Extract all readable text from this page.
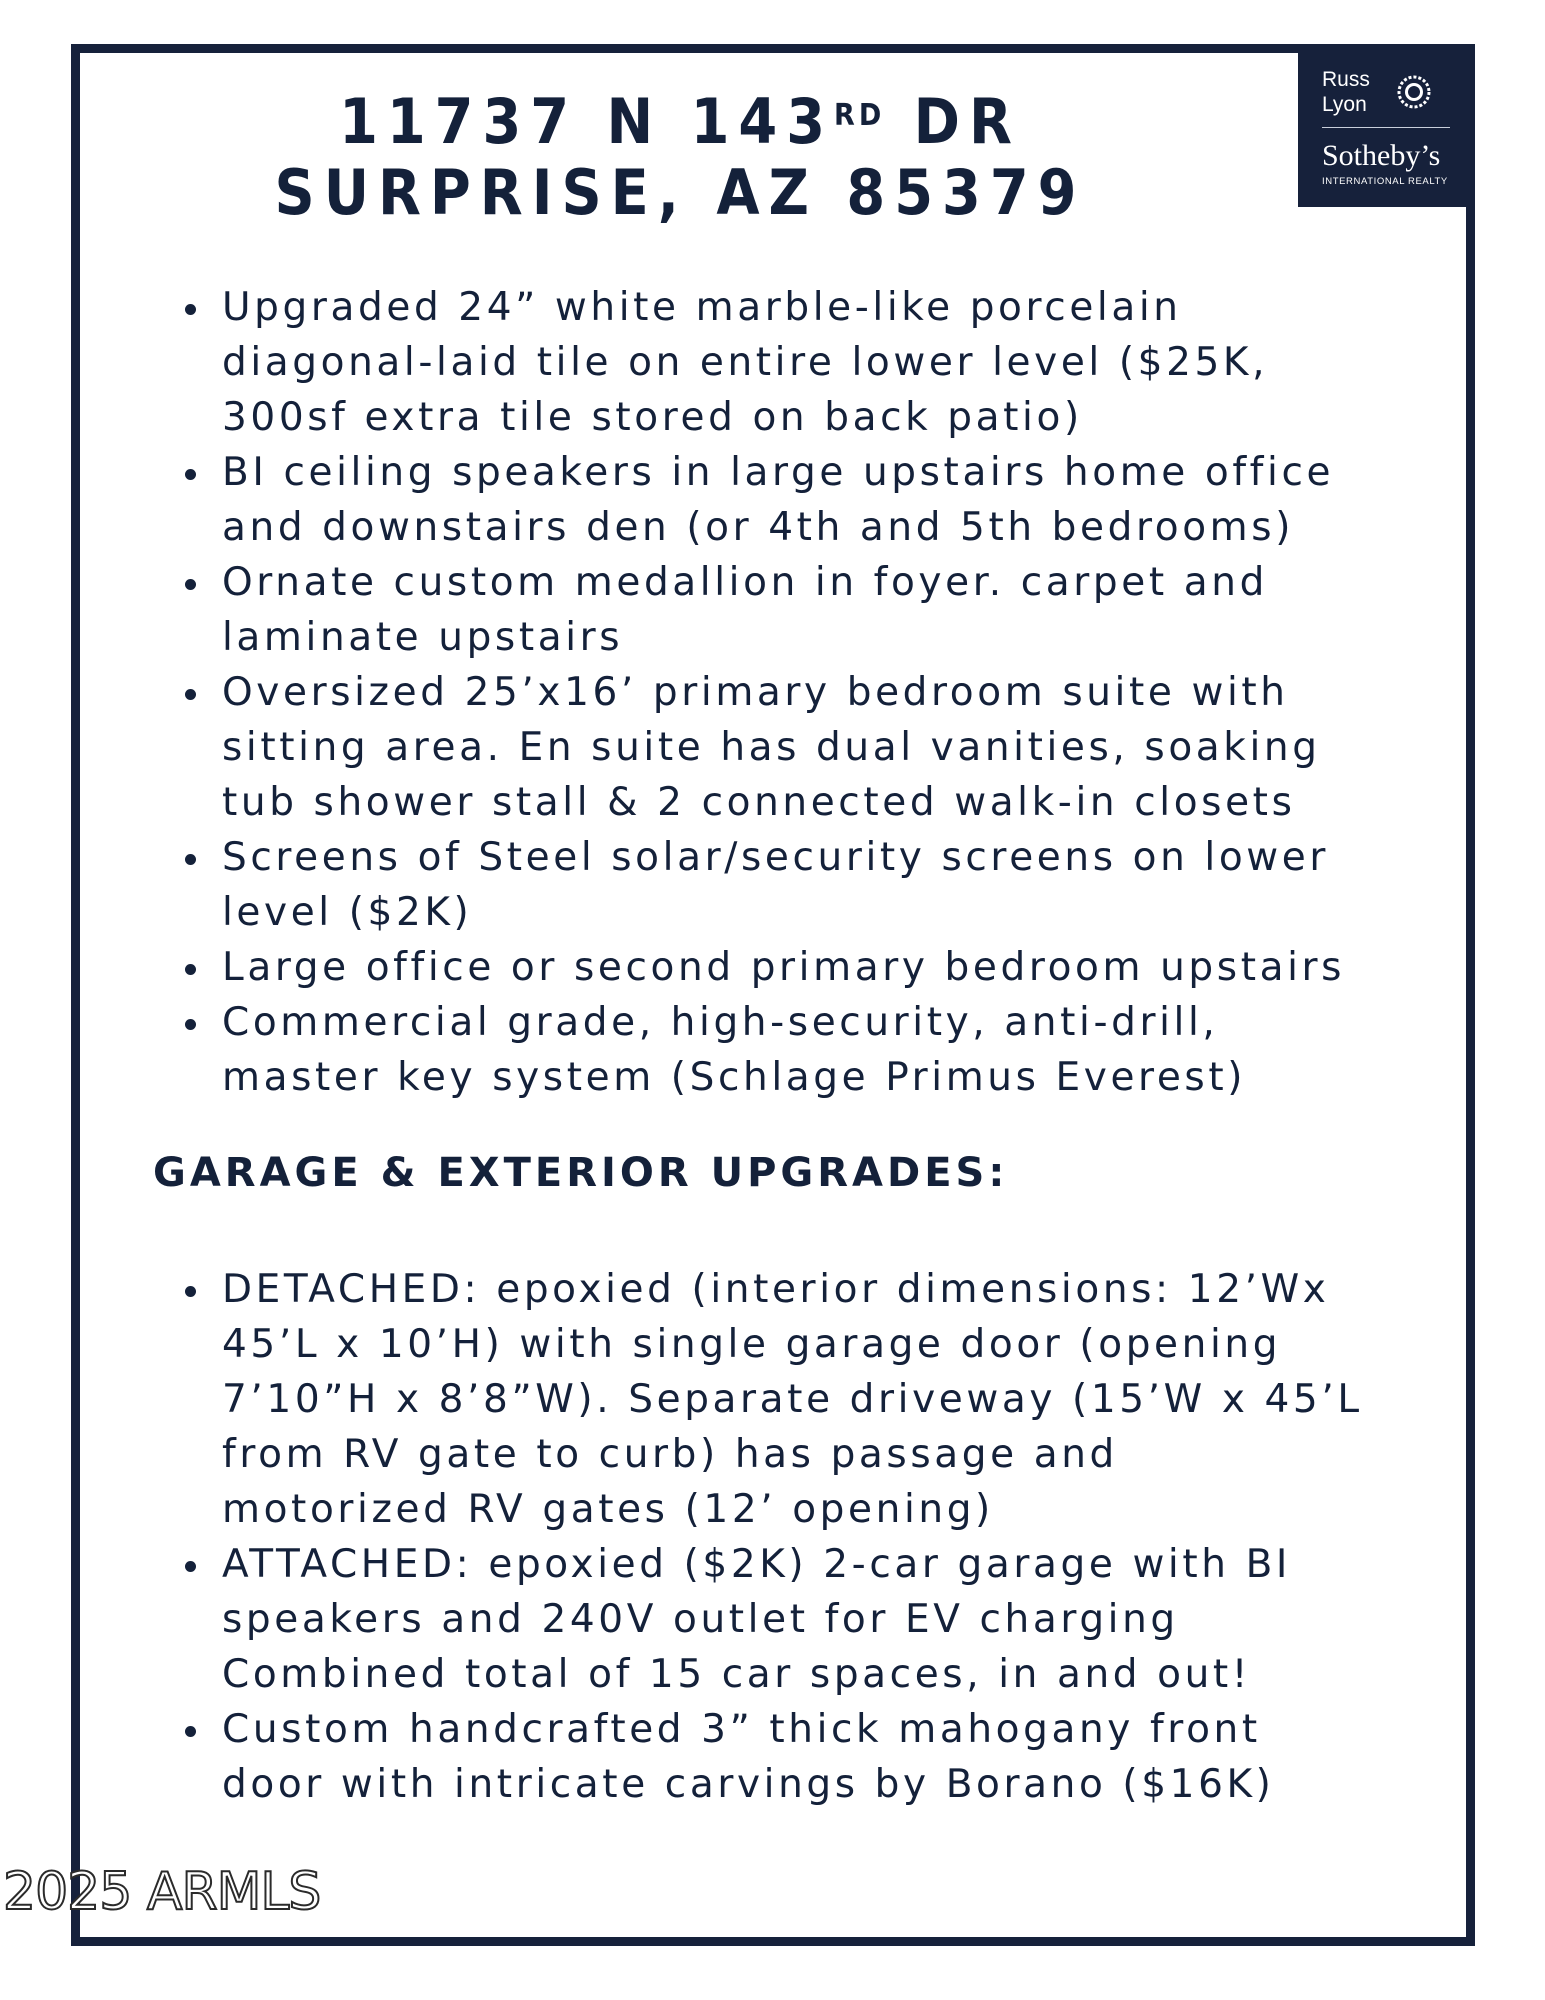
Russ
Lyon
Sotheby’s
INTERNATIONAL REALTY
11737 N 143RD DR
SURPRISE, AZ 85379
Upgraded 24” white marble-like porcelain
diagonal-laid tile on entire lower level ($25K,
300sf extra tile stored on back patio)
BI ceiling speakers in large upstairs home office
and downstairs den (or 4th and 5th bedrooms)
Ornate custom medallion in foyer. carpet and
laminate upstairs
Oversized 25’x16’ primary bedroom suite with
sitting area. En suite has dual vanities, soaking
tub shower stall & 2 connected walk-in closets
Screens of Steel solar/security screens on lower
level ($2K)
Large office or second primary bedroom upstairs
Commercial grade, high-security, anti-drill,
master key system (Schlage Primus Everest)
GARAGE & EXTERIOR UPGRADES:
DETACHED: epoxied (interior dimensions: 12’Wx
45’L x 10’H) with single garage door (opening
7’10”H x 8’8”W). Separate driveway (15’W x 45’L
from RV gate to curb) has passage and
motorized RV gates (12’ opening)
ATTACHED: epoxied ($2K) 2-car garage with BI
speakers and 240V outlet for EV charging
Combined total of 15 car spaces, in and out!
Custom handcrafted 3” thick mahogany front
door with intricate carvings by Borano ($16K)
2025 ARMLS
